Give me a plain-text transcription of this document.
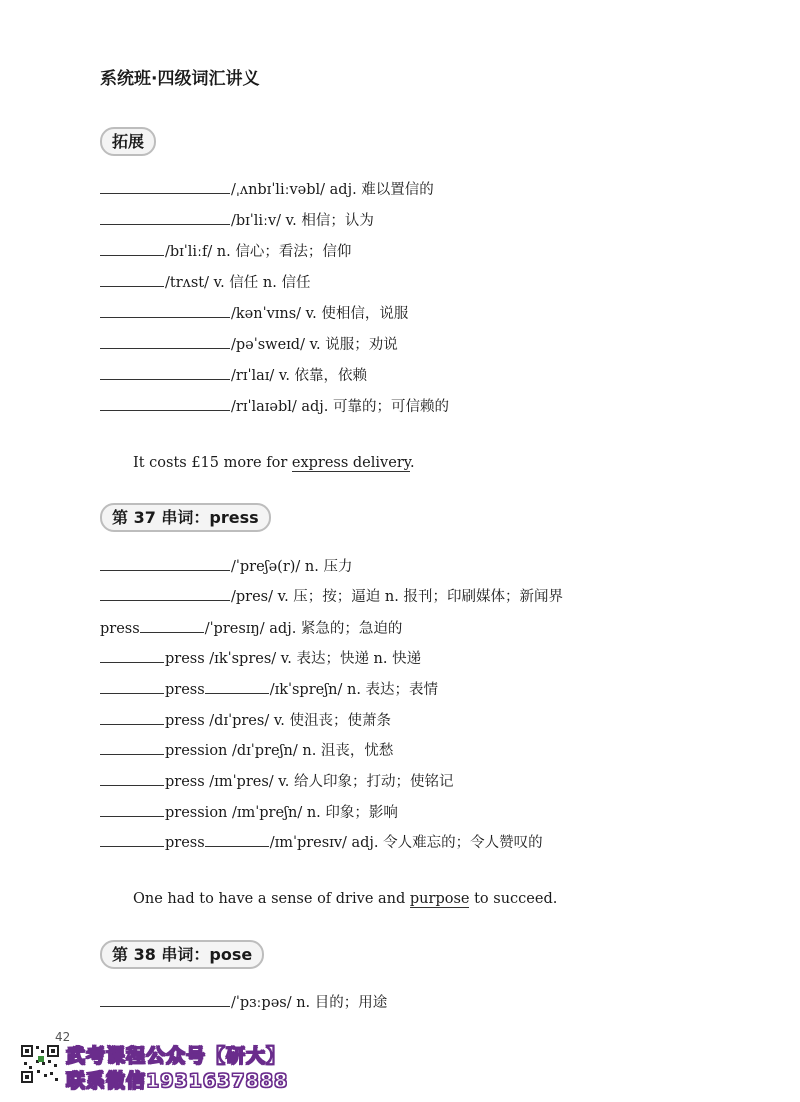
系统班·四级词汇讲义
拓展
/ˌʌnbɪˈliːvəbl/ adj. 难以置信的
/bɪˈliːv/ v. 相信；认为
/bɪˈliːf/ n. 信心；看法；信仰
/trʌst/ v. 信任 n. 信任
/kənˈvɪns/ v. 使相信，说服
/pəˈsweɪd/ v. 说服；劝说
/rɪˈlaɪ/ v. 依靠，依赖
/rɪˈlaɪəbl/ adj. 可靠的；可信赖的
It costs £15 more for express delivery.
第 37 串词：press
/ˈpreʃə(r)/ n. 压力
/pres/ v. 压；按；逼迫 n. 报刊；印刷媒体；新闻界
press	/ˈpresɪŋ/ adj. 紧急的；急迫的
press /ɪkˈspres/ v. 表达；快递 n. 快递
press	/ɪkˈspreʃn/ n. 表达；表情
press /dɪˈpres/ v. 使沮丧；使萧条
pression /dɪˈpreʃn/ n. 沮丧，忧愁
press /ɪmˈpres/ v. 给人印象；打动；使铭记
pression /ɪmˈpreʃn/ n. 印象；影响
press	/ɪmˈpresɪv/ adj. 令人难忘的；令人赞叹的
One had to have a sense of drive and purpose to succeed.
第 38 串词：pose
/ˈpɜːpəs/ n. 目的；用途
42
武考课程公众号【研大】
联系微信1931637888
